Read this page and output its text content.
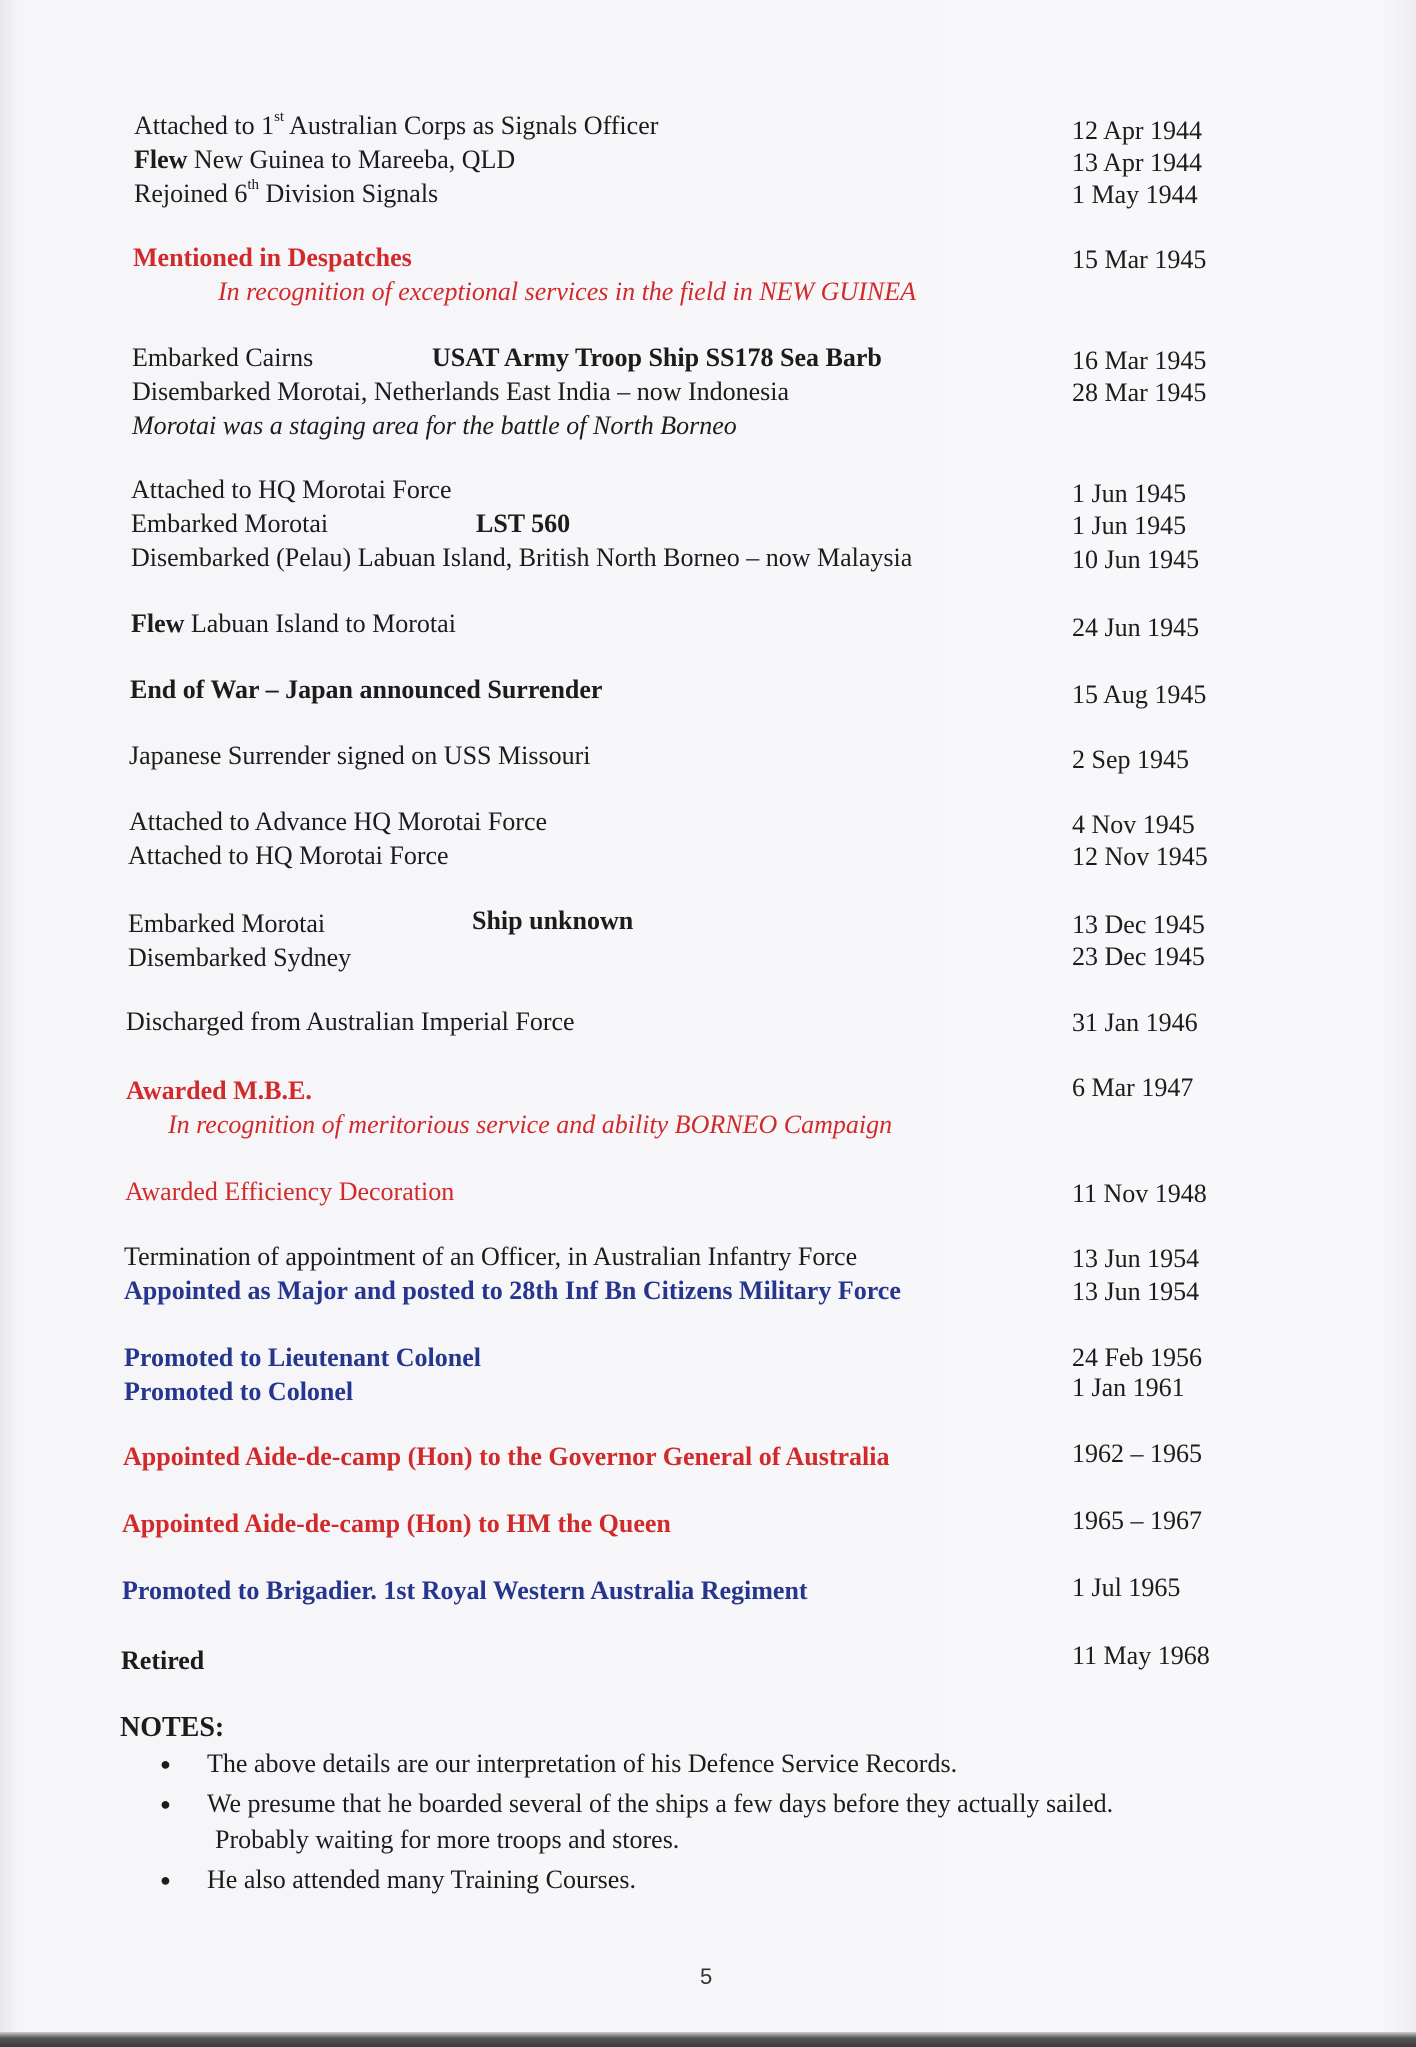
Attached to 1st Australian Corps as Signals Officer	12 Apr 1944
Flew New Guinea to Mareeba, QLD	13 Apr 1944
Rejoined 6th Division Signals	1 May 1944
Mentioned in Despatches	15 Mar 1945
In recognition of exceptional services in the field in NEW GUINEA
Embarked Cairns	USAT Army Troop Ship SS178 Sea Barb	16 Mar 1945
Disembarked Morotai, Netherlands East India – now Indonesia	28 Mar 1945
Morotai was a staging area for the battle of North Borneo
Attached to HQ Morotai Force	1 Jun 1945
Embarked Morotai	LST 560	1 Jun 1945
Disembarked (Pelau) Labuan Island, British North Borneo – now Malaysia	10 Jun 1945
Flew Labuan Island to Morotai	24 Jun 1945
End of War – Japan announced Surrender	15 Aug 1945
Japanese Surrender signed on USS Missouri	2 Sep 1945
Attached to Advance HQ Morotai Force	4 Nov 1945
Attached to HQ Morotai Force	12 Nov 1945
Embarked Morotai	Ship unknown	13 Dec 1945
Disembarked Sydney	23 Dec 1945
Discharged from Australian Imperial Force	31 Jan 1946
Awarded M.B.E.	6 Mar 1947
In recognition of meritorious service and ability BORNEO Campaign
Awarded Efficiency Decoration	11 Nov 1948
Termination of appointment of an Officer, in Australian Infantry Force	13 Jun 1954
Appointed as Major and posted to 28th Inf Bn Citizens Military Force	13 Jun 1954
Promoted to Lieutenant Colonel	24 Feb 1956
Promoted to Colonel	1 Jan 1961
Appointed Aide-de-camp (Hon) to the Governor General of Australia	1962 – 1965
Appointed Aide-de-camp (Hon) to HM the Queen	1965 – 1967
Promoted to Brigadier. 1st Royal Western Australia Regiment	1 Jul 1965
Retired	11 May 1968
NOTES:
● The above details are our interpretation of his Defence Service Records.
● We presume that he boarded several of the ships a few days before they actually sailed.
Probably waiting for more troops and stores.
● He also attended many Training Courses.
5
